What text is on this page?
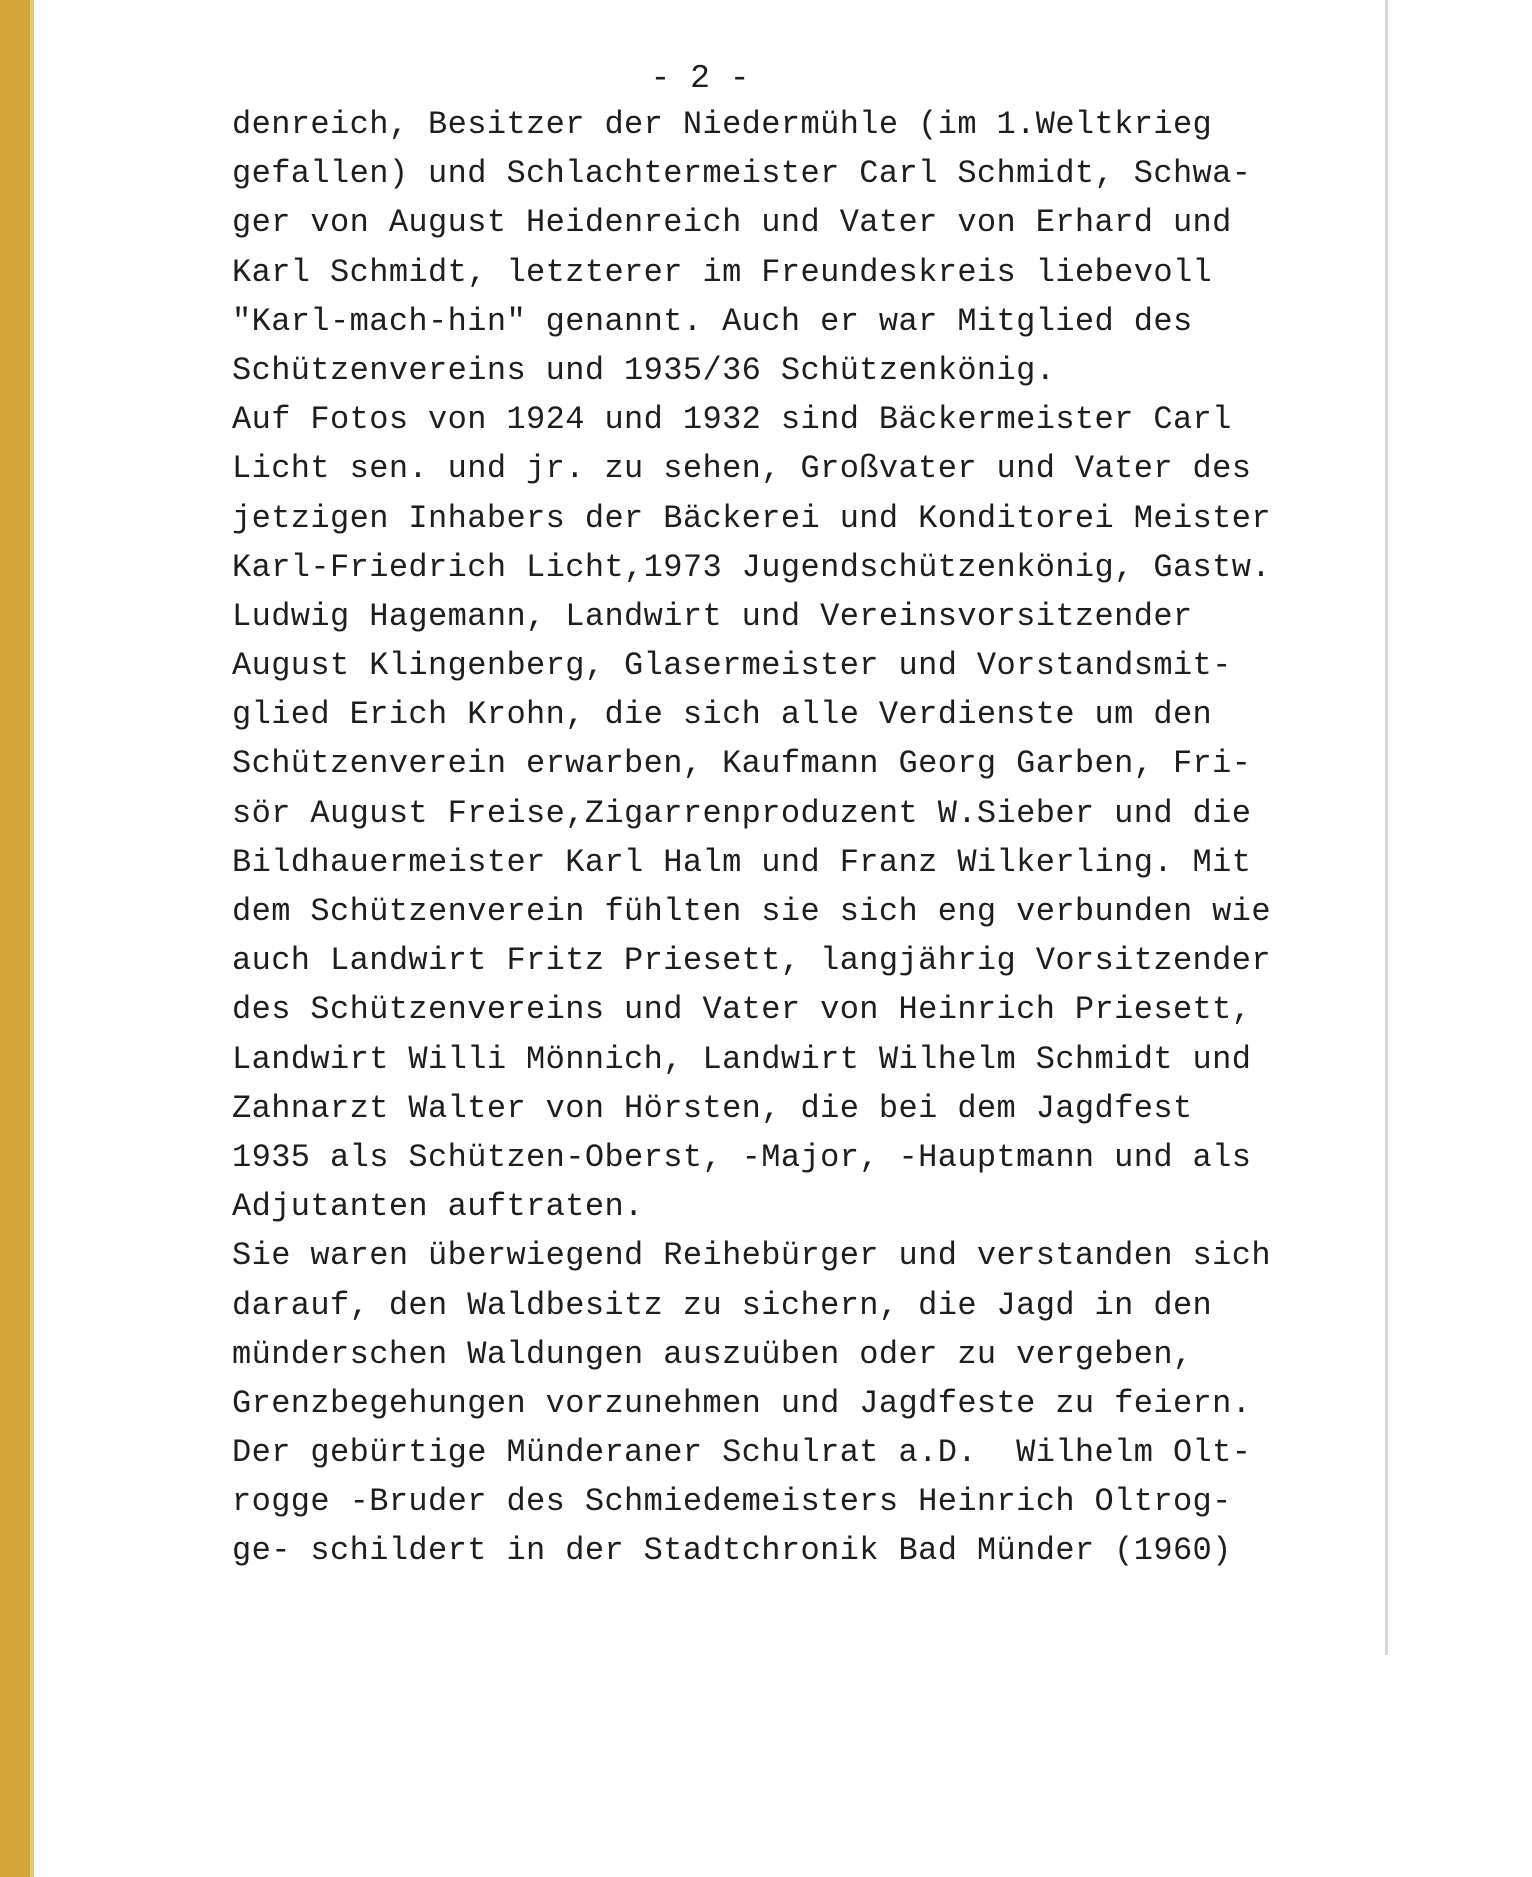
- 2 -
denreich, Besitzer der Niedermühle (im 1.Weltkrieg
gefallen) und Schlachtermeister Carl Schmidt, Schwa-
ger von August Heidenreich und Vater von Erhard und
Karl Schmidt, letzterer im Freundeskreis liebevoll
"Karl-mach-hin" genannt. Auch er war Mitglied des
Schützenvereins und 1935/36 Schützenkönig.
Auf Fotos von 1924 und 1932 sind Bäckermeister Carl
Licht sen. und jr. zu sehen, Großvater und Vater des
jetzigen Inhabers der Bäckerei und Konditorei Meister
Karl-Friedrich Licht,1973 Jugendschützenkönig, Gastw.
Ludwig Hagemann, Landwirt und Vereinsvorsitzender
August Klingenberg, Glasermeister und Vorstandsmit-
glied Erich Krohn, die sich alle Verdienste um den
Schützenverein erwarben, Kaufmann Georg Garben, Fri-
sör August Freise,Zigarrenproduzent W.Sieber und die
Bildhauermeister Karl Halm und Franz Wilkerling. Mit
dem Schützenverein fühlten sie sich eng verbunden wie
auch Landwirt Fritz Priesett, langjährig Vorsitzender
des Schützenvereins und Vater von Heinrich Priesett,
Landwirt Willi Mönnich, Landwirt Wilhelm Schmidt und
Zahnarzt Walter von Hörsten, die bei dem Jagdfest
1935 als Schützen-Oberst, -Major, -Hauptmann und als
Adjutanten auftraten.
Sie waren überwiegend Reihebürger und verstanden sich
darauf, den Waldbesitz zu sichern, die Jagd in den
münderschen Waldungen auszuüben oder zu vergeben,
Grenzbegehungen vorzunehmen und Jagdfeste zu feiern.
Der gebürtige Münderaner Schulrat a.D.  Wilhelm Olt-
rogge -Bruder des Schmiedemeisters Heinrich Oltrog-
ge- schildert in der Stadtchronik Bad Münder (1960)
